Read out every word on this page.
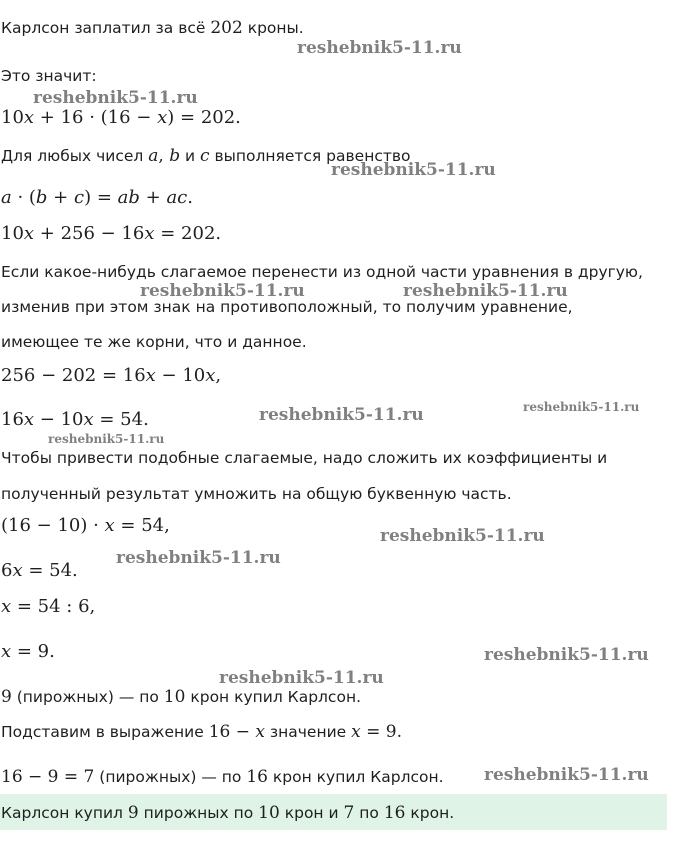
Карлсон заплатил за всё 202 кроны.
Это значит:
10x + 16 · (16 − x) = 202.
Для любых чисел a, b и c выполняется равенство
a · (b + c) = ab + ac.
10x + 256 − 16x = 202.
Если какое-нибудь слагаемое перенести из одной части уравнения в другую,
изменив при этом знак на противоположный, то получим уравнение,
имеющее те же корни, что и данное.
256 − 202 = 16x − 10x,
16x − 10x = 54.
Чтобы привести подобные слагаемые, надо сложить их коэффициенты и
полученный результат умножить на общую буквенную часть.
(16 − 10) · x = 54,
6x = 54.
x = 54 : 6,
x = 9.
9 (пирожных) — по 10 крон купил Карлсон.
Подставим в выражение 16 − x значение x = 9.
16 − 9 = 7 (пирожных) — по 16 крон купил Карлсон.
Карлсон купил 9 пирожных по 10 крон и 7 по 16 крон.
reshebnik5-11.ru
reshebnik5-11.ru
reshebnik5-11.ru
reshebnik5-11.ru	reshebnik5-11.ru
reshebnik5-11.ru	reshebnik5-11.ru
reshebnik5-11.ru
reshebnik5-11.ru
reshebnik5-11.ru
reshebnik5-11.ru
reshebnik5-11.ru
reshebnik5-11.ru
